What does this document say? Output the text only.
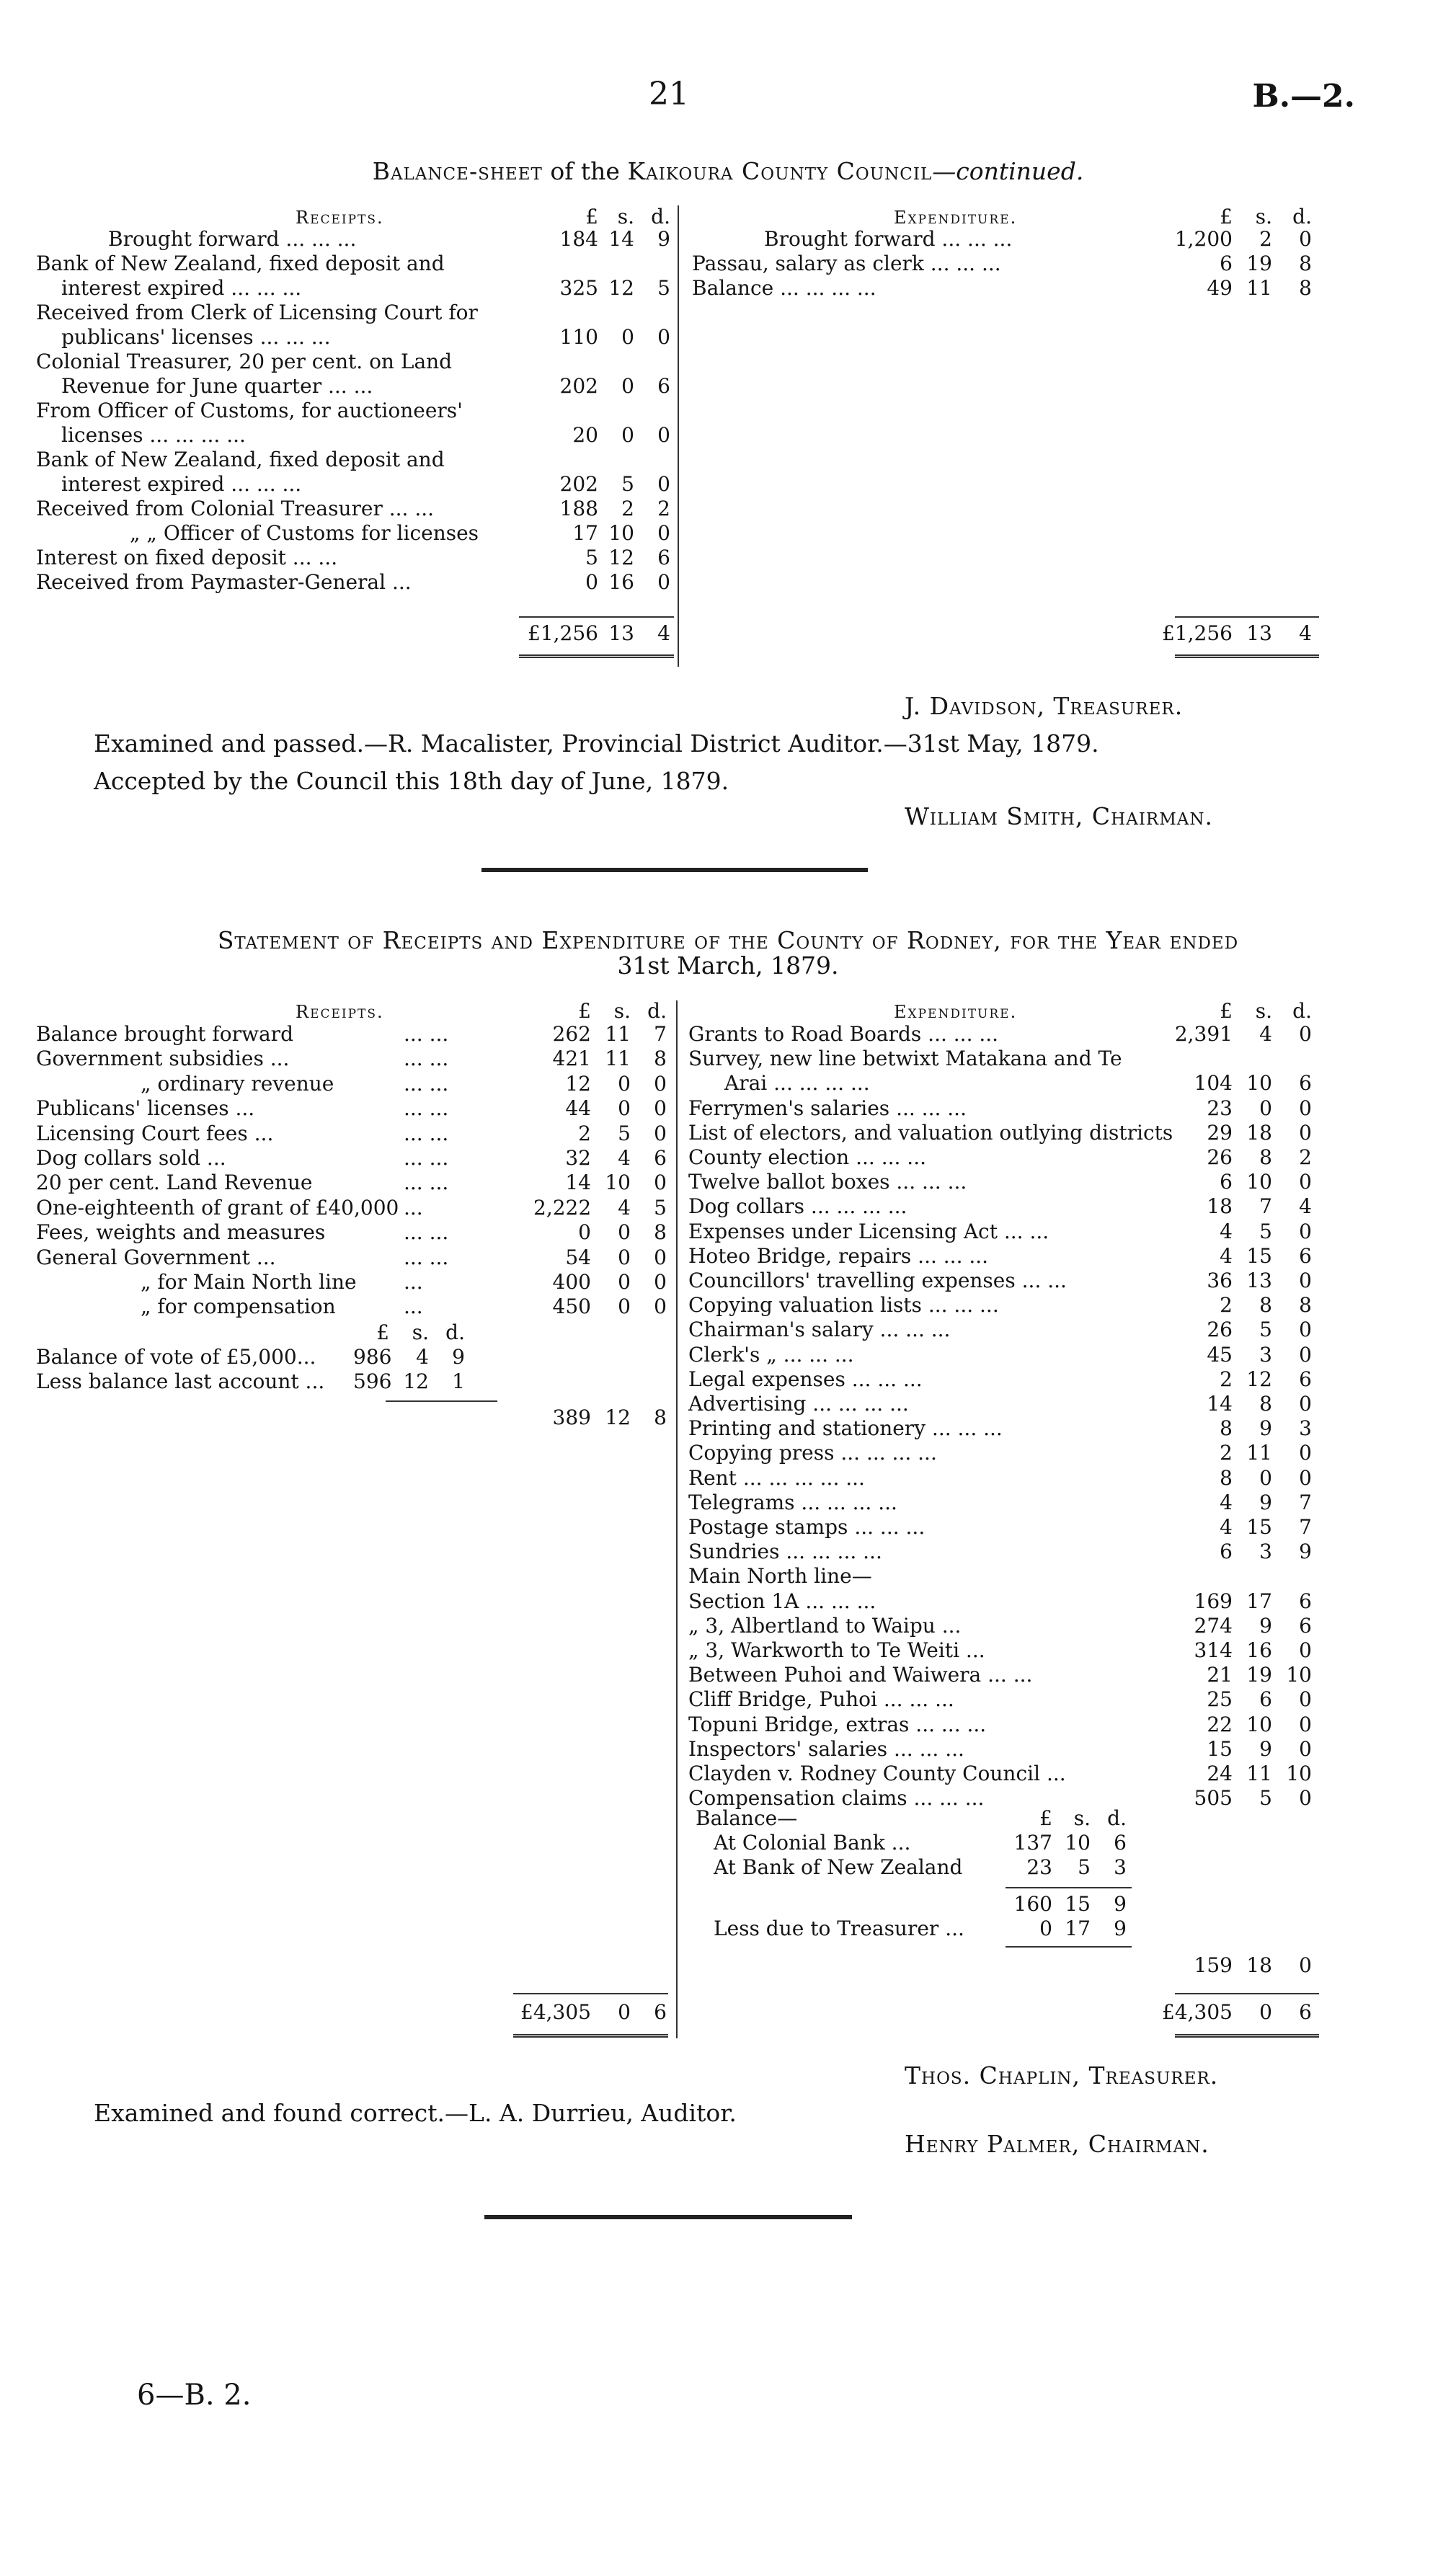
21	B.—2.
Balance-sheet of the Kaikoura County Council—continued.
Receipts.	£ s. d.	Expenditure.	£	s.	d.
Brought forward ... ... ...	184 14	9
Bank of New Zealand, fixed deposit and
interest expired ... ... ...	325 12	5
Received from Clerk of Licensing Court for
publicans' licenses ... ... ...	110	0	0
Colonial Treasurer, 20 per cent. on Land
Revenue for June quarter ... ...	202	0	6
From Officer of Customs, for auctioneers'
licenses ... ... ... ...	20	0	0
Bank of New Zealand, fixed deposit and
interest expired ... ... ...	202	5	0
Received from Colonial Treasurer ... ...	188	2	2
„ „ Officer of Customs for licenses	17 10	0
Interest on fixed deposit ... ...	5 12	6
Received from Paymaster-General ...	0 16	0
Brought forward ... ... ...	1,200	2	0
Passau, salary as clerk ... ... ...	6 19	8
Balance ... ... ... ...	49 11	8
£1,256 13	4	£1,256 13	4
J. Davidson, Treasurer.
Examined and passed.—R. Macalister, Provincial District Auditor.—31st May, 1879.
Accepted by the Council this 18th day of June, 1879.
William Smith, Chairman.
Statement of Receipts and Expenditure of the County of Rodney, for the Year ended
31st March, 1879.
Receipts.	£	s. d.	Expenditure.	£	s.	d.
Balance brought forward	... ...	262 11	7
Government subsidies ...	... ...	421 11	8
„ ordinary revenue	... ...	12	0	0
Publicans' licenses ...	... ...	44	0	0
Licensing Court fees ...	... ...	2	5	0
Dog collars sold ...	... ...	32	4	6
20 per cent. Land Revenue	... ...	14 10	0
One-eighteenth of grant of £40,000 ...	2,222	4	5
Fees, weights and measures	... ...	0	0	8
General Government ...	... ...	54	0	0
„ for Main North line ...	400	0	0
„ for compensation	...	450	0	0
£	s. d.
Balance of vote of £5,000... 986	4	9
Less balance last account ... 596 12	1
389 12	8
Grants to Road Boards ... ... ...	2,391	4	0
Survey, new line betwixt Matakana and Te
Arai ... ... ... ...	104 10	6
Ferrymen's salaries ... ... ...	23	0	0
List of electors, and valuation outlying districts	29 18	0
County election ... ... ...	26	8	2
Twelve ballot boxes ... ... ...	6 10	0
Dog collars ... ... ... ...	18	7	4
Expenses under Licensing Act ... ...	4	5	0
Hoteo Bridge, repairs ... ... ...	4 15	6
Councillors' travelling expenses ... ...	36 13	0
Copying valuation lists ... ... ...	2	8	8
Chairman's salary ... ... ...	26	5	0
Clerk's „ ... ... ...	45	3	0
Legal expenses ... ... ...	2 12	6
Advertising ... ... ... ...	14	8	0
Printing and stationery ... ... ...	8	9	3
Copying press ... ... ... ...	2 11	0
Rent ... ... ... ... ...	8	0	0
Telegrams ... ... ... ...	4	9	7
Postage stamps ... ... ...	4 15	7
Sundries ... ... ... ...	6	3	9
Main North line—
Section 1A ... ... ...	169 17	6
„ 3, Albertland to Waipu ...	274	9	6
„ 3, Warkworth to Te Weiti ...	314 16	0
Between Puhoi and Waiwera ... ...	21 19 10
Cliff Bridge, Puhoi ... ... ...	25	6	0
Topuni Bridge, extras ... ... ...	22 10	0
Inspectors' salaries ... ... ...	15	9	0
Clayden v. Rodney County Council ...	24 11 10
Compensation claims ... ... ...	505	5	0
Balance—	£	s. d.
At Colonial Bank ...	137 10	6
At Bank of New Zealand	23	5	3
160 15	9
Less due to Treasurer ...	0 17	9
159 18	0
£4,305	0	6	£4,305	0	6
Thos. Chaplin, Treasurer.
Examined and found correct.—L. A. Durrieu, Auditor.
Henry Palmer, Chairman.
6—B. 2.
